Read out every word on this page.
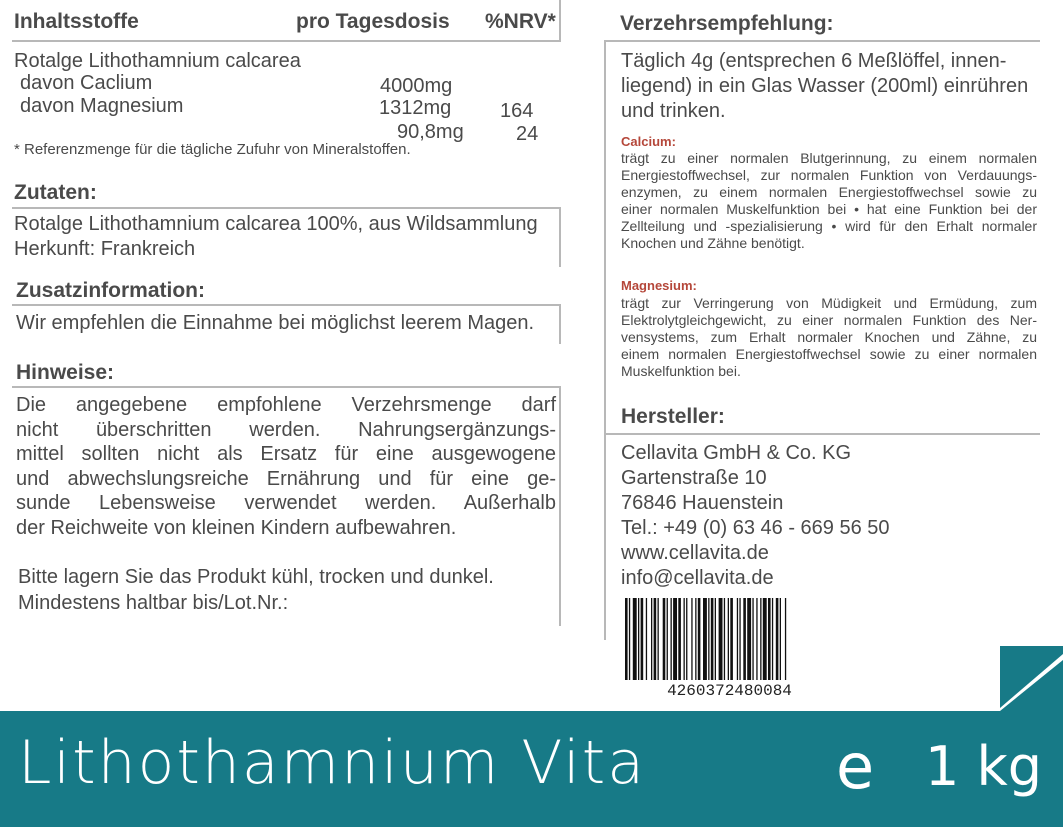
Inhaltsstoffe	pro Tagesdosis %NRV*
Rotalge Lithothamnium calcarea
davon Caclium
davon Magnesium
4000mg
1312mg
90,8mg
164
24
* Referenzmenge für die tägliche Zufuhr von Mineralstoffen.
Zutaten:
Rotalge Lithothamnium calcarea 100%, aus Wildsammlung
Herkunft: Frankreich
Zusatzinformation:
Wir empfehlen die Einnahme bei möglichst leerem Magen.
Hinweise:
Die angegebene empfohlene Verzehrsmenge darf
nicht überschritten werden. Nahrungsergänzungs-
mittel sollten nicht als Ersatz für eine ausgewogene
und abwechslungsreiche Ernährung und für eine ge-
sunde Lebensweise verwendet werden. Außerhalb
der Reichweite von kleinen Kindern aufbewahren.
Bitte lagern Sie das Produkt kühl, trocken und dunkel.
Mindestens haltbar bis/Lot.Nr.:
Verzehrsempfehlung:
Täglich 4g (entsprechen 6 Meßlöffel, innen-
liegend) in ein Glas Wasser (200ml) einrühren
und trinken.
Calcium:
trägt zu einer normalen Blutgerinnung, zu einem normalen
Energiestoffwechsel, zur normalen Funktion von Verdauungs-
enzymen, zu einem normalen Energiestoffwechsel sowie zu
einer normalen Muskelfunktion bei • hat eine Funktion bei der
Zellteilung und -spezialisierung • wird für den Erhalt normaler
Knochen und Zähne benötigt.
Magnesium:
trägt zur Verringerung von Müdigkeit und Ermüdung, zum
Elektrolytgleichgewicht, zu einer normalen Funktion des Ner-
vensystems, zum Erhalt normaler Knochen und Zähne, zu
einem normalen Energiestoffwechsel sowie zu einer normalen
Muskelfunktion bei.
Hersteller:
Cellavita GmbH & Co. KG
Gartenstraße 10
76846 Hauenstein
Tel.: +49 (0) 63 46 - 669 56 50
www.cellavita.de
info@cellavita.de
4260372480084
Lithothamnium Vita	e 1 kg
